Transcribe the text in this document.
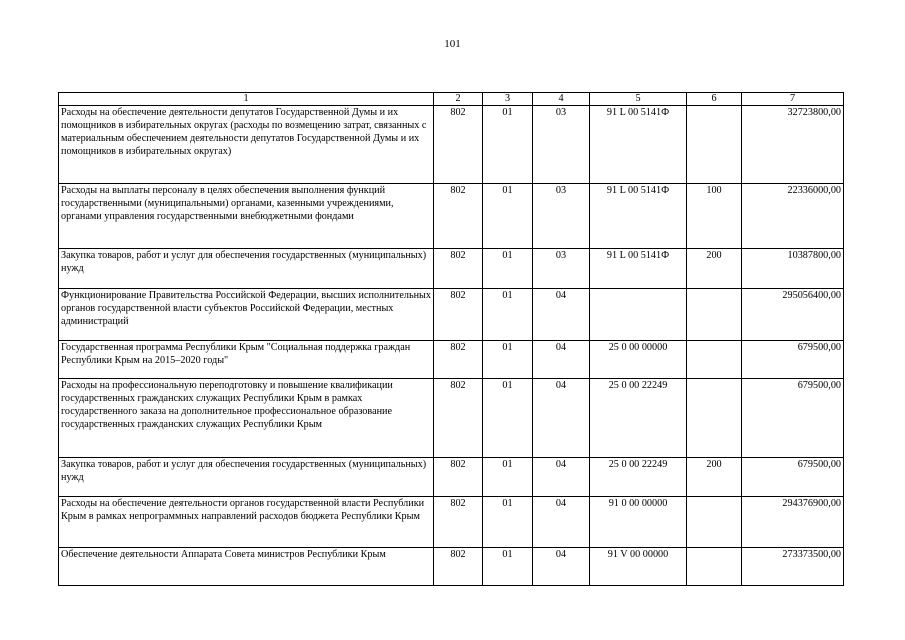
101
1	2	3	4	5	6	7
Расходы на обеспечение деятельности депутатов Государственной Думы и их помощников в избирательных округах (расходы по возмещению затрат, связанных с материальным обеспечением деятельности депутатов Государственной Думы и их помощников в избирательных округах)	802	01	03	91 L 00 5141Ф		32723800,00
Расходы на выплаты персоналу в целях обеспечения выполнения функций государственными (муниципальными) органами, казенными учреждениями, органами управления государственными внебюджетными фондами	802	01	03	91 L 00 5141Ф	100	22336000,00
Закупка товаров, работ и услуг для обеспечения государственных (муниципальных) нужд	802	01	03	91 L 00 5141Ф	200	10387800,00
Функционирование Правительства Российской Федерации, высших исполнительных органов государственной власти субъектов Российской Федерации, местных администраций	802	01	04			295056400,00
Государственная программа Республики Крым "Социальная поддержка граждан Республики Крым на 2015–2020 годы"	802	01	04	25 0 00 00000		679500,00
Расходы на профессиональную переподготовку и повышение квалификации государственных гражданских служащих Республики Крым в рамках государственного заказа на дополнительное профессиональное образование государственных гражданских служащих Республики Крым	802	01	04	25 0 00 22249		679500,00
Закупка товаров, работ и услуг для обеспечения государственных (муниципальных) нужд	802	01	04	25 0 00 22249	200	679500,00
Расходы на обеспечение деятельности органов государственной власти Республики Крым в рамках непрограммных направлений расходов бюджета Республики Крым	802	01	04	91 0 00 00000		294376900,00
Обеспечение деятельности Аппарата Совета министров Республики Крым	802	01	04	91 V 00 00000		273373500,00
